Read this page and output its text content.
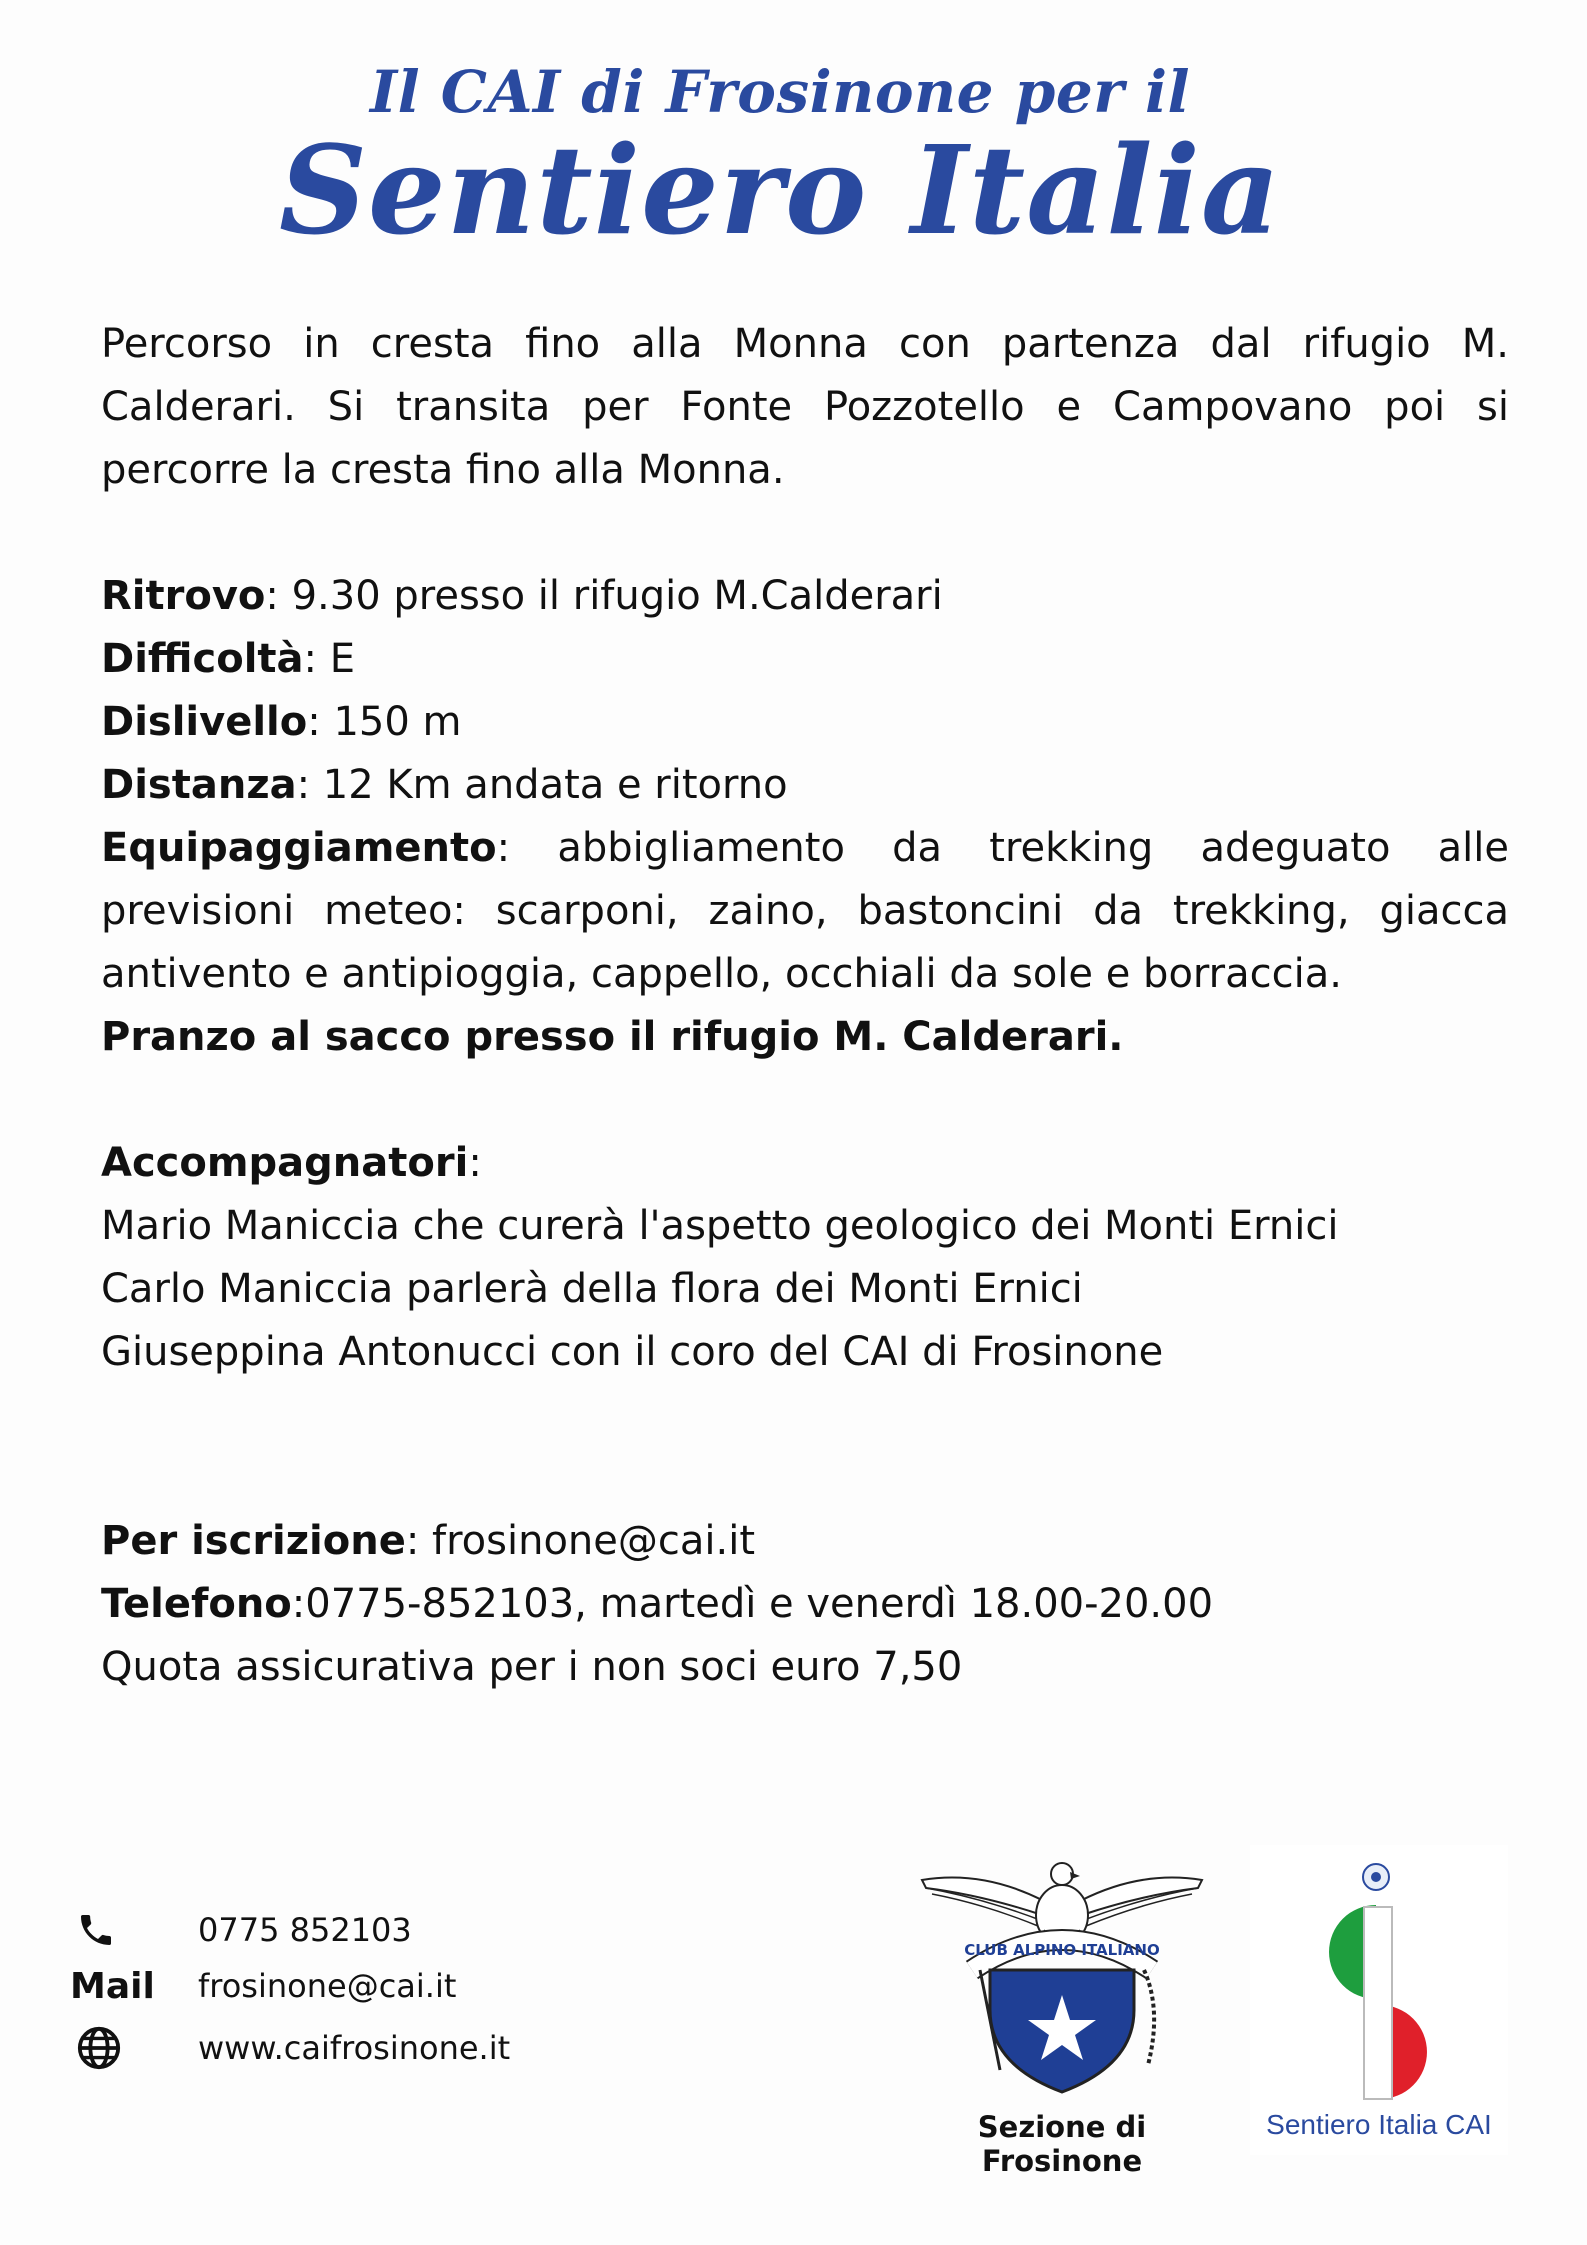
Il CAI di Frosinone per il
Sentiero Italia

Percorso in cresta fino alla Monna con partenza dal rifugio M. Calderari. Si transita per Fonte Pozzotello e Campovano poi si percorre la cresta fino alla Monna.

Ritrovo: 9.30 presso il rifugio M.Calderari

Difficoltà: E

Dislivello: 150 m

Distanza: 12 Km andata e ritorno

Equipaggiamento: abbigliamento da trekking adeguato alle previsioni meteo: scarponi, zaino, bastoncini da trekking, giacca antivento e antipioggia, cappello, occhiali da sole e borraccia.

Pranzo al sacco presso il rifugio M. Calderari.

Accompagnatori:

Mario Maniccia che curerà l'aspetto geologico dei Monti Ernici

Carlo Maniccia parlerà della flora dei Monti Ernici

Giuseppina Antonucci con il coro del CAI di Frosinone

Per iscrizione: frosinone@cai.it

Telefono:0775-852103, martedì e venerdì 18.00-20.00

Quota assicurativa per i non soci euro 7,50

0775 852103
Mail	frosinone@cai.it
www.caifrosinone.it
CLUB ALPINO ITALIANO
Sezione di Frosinone
Sentiero Italia CAI
